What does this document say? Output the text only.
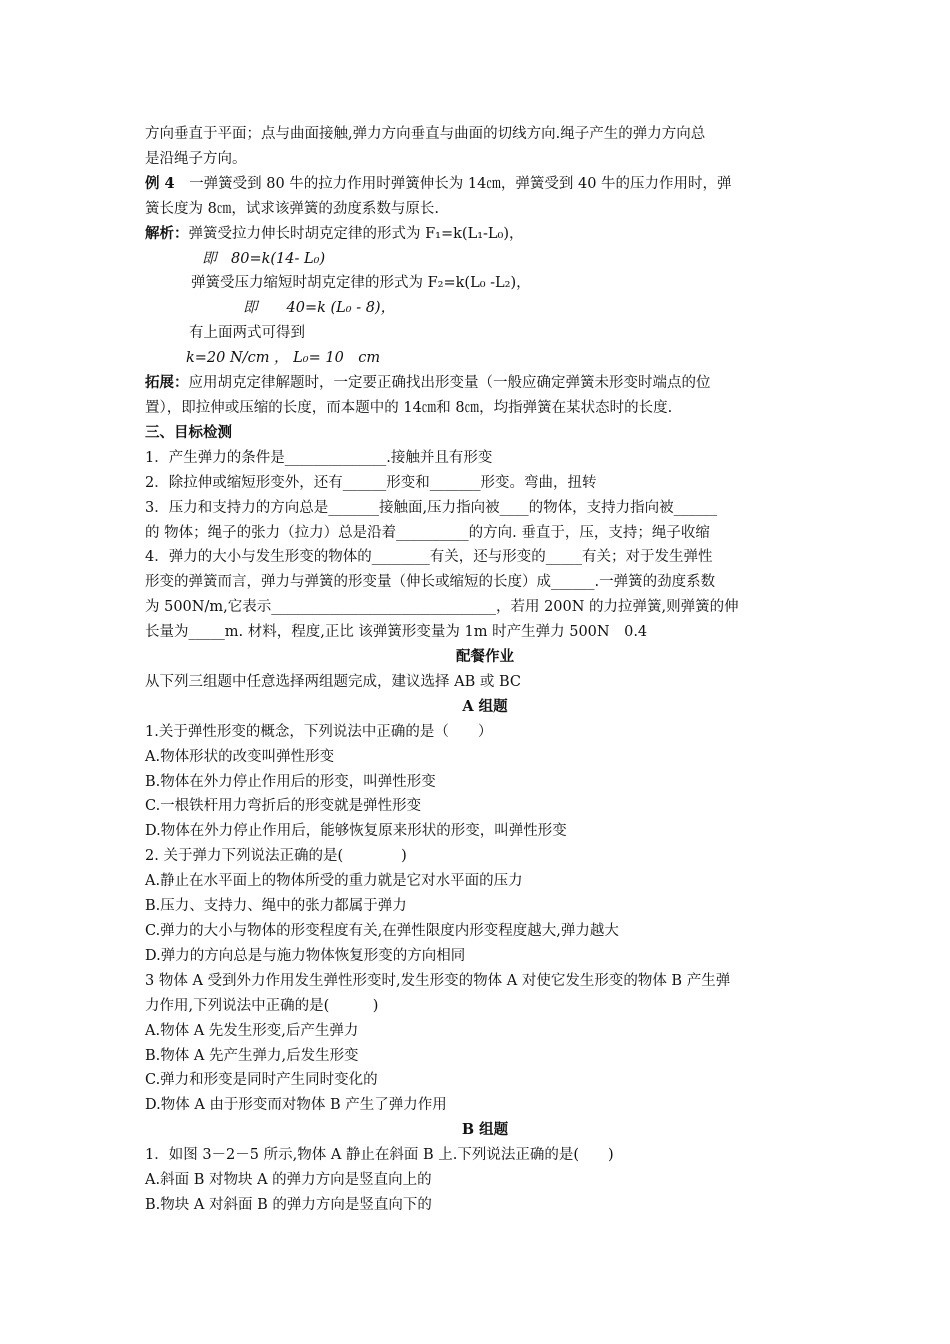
方向垂直于平面；点与曲面接触,弹力方向垂直与曲面的切线方向.绳子产生的弹力方向总

是沿绳子方向。

例 4　一弹簧受到 80 牛的拉力作用时弹簧伸长为 14㎝，弹簧受到 40 牛的压力作用时，弹

簧长度为 8㎝，试求该弹簧的劲度系数与原长.

解析：弹簧受拉力伸长时胡克定律的形式为 F₁=k(L₁-L₀)，

即　80=k(14- L₀)

弹簧受压力缩短时胡克定律的形式为 F₂=k(L₀ -L₂)，

即　　40=k (L₀ - 8)，

有上面两式可得到

k=20 N/cm ， L₀= 10　cm

拓展：应用胡克定律解题时，一定要正确找出形变量（一般应确定弹簧未形变时端点的位

置），即拉伸或压缩的长度，而本题中的 14㎝和 8㎝，均指弹簧在某状态时的长度.

三、目标检测

1．产生弹力的条件是______________.接触并且有形变

2．除拉伸或缩短形变外，还有______形变和_______形变。弯曲，扭转

3．压力和支持力的方向总是_______接触面,压力指向被____的物体，支持力指向被______

的 物体；绳子的张力（拉力）总是沿着__________的方向. 垂直于，压，支持；绳子收缩

4．弹力的大小与发生形变的物体的________有关，还与形变的_____有关；对于发生弹性

形变的弹簧而言，弹力与弹簧的形变量（伸长或缩短的长度）成______.一弹簧的劲度系数

为 500N/m,它表示_______________________________，若用 200N 的力拉弹簧,则弹簧的伸

长量为_____m. 材料，程度,正比 该弹簧形变量为 1m 时产生弹力 500N　0.4

配餐作业

从下列三组题中任意选择两组题完成，建议选择 AB 或 BC

A 组题

1.关于弹性形变的概念，下列说法中正确的是（　　）

A.物体形状的改变叫弹性形变

B.物体在外力停止作用后的形变，叫弹性形变

C.一根铁杆用力弯折后的形变就是弹性形变

D.物体在外力停止作用后，能够恢复原来形状的形变，叫弹性形变

2. 关于弹力下列说法正确的是(　　　　)

A.静止在水平面上的物体所受的重力就是它对水平面的压力

B.压力、支持力、绳中的张力都属于弹力

C.弹力的大小与物体的形变程度有关,在弹性限度内形变程度越大,弹力越大

D.弹力的方向总是与施力物体恢复形变的方向相同

3 物体 A 受到外力作用发生弹性形变时,发生形变的物体 A 对使它发生形变的物体 B 产生弹

力作用,下列说法中正确的是(　　　)

A.物体 A 先发生形变,后产生弹力

B.物体 A 先产生弹力,后发生形变

C.弹力和形变是同时产生同时变化的

D.物体 A 由于形变而对物体 B 产生了弹力作用

B 组题

1．如图 3－2－5 所示,物体 A 静止在斜面 B 上.下列说法正确的是(　　)

A.斜面 B 对物块 A 的弹力方向是竖直向上的

B.物块 A 对斜面 B 的弹力方向是竖直向下的
